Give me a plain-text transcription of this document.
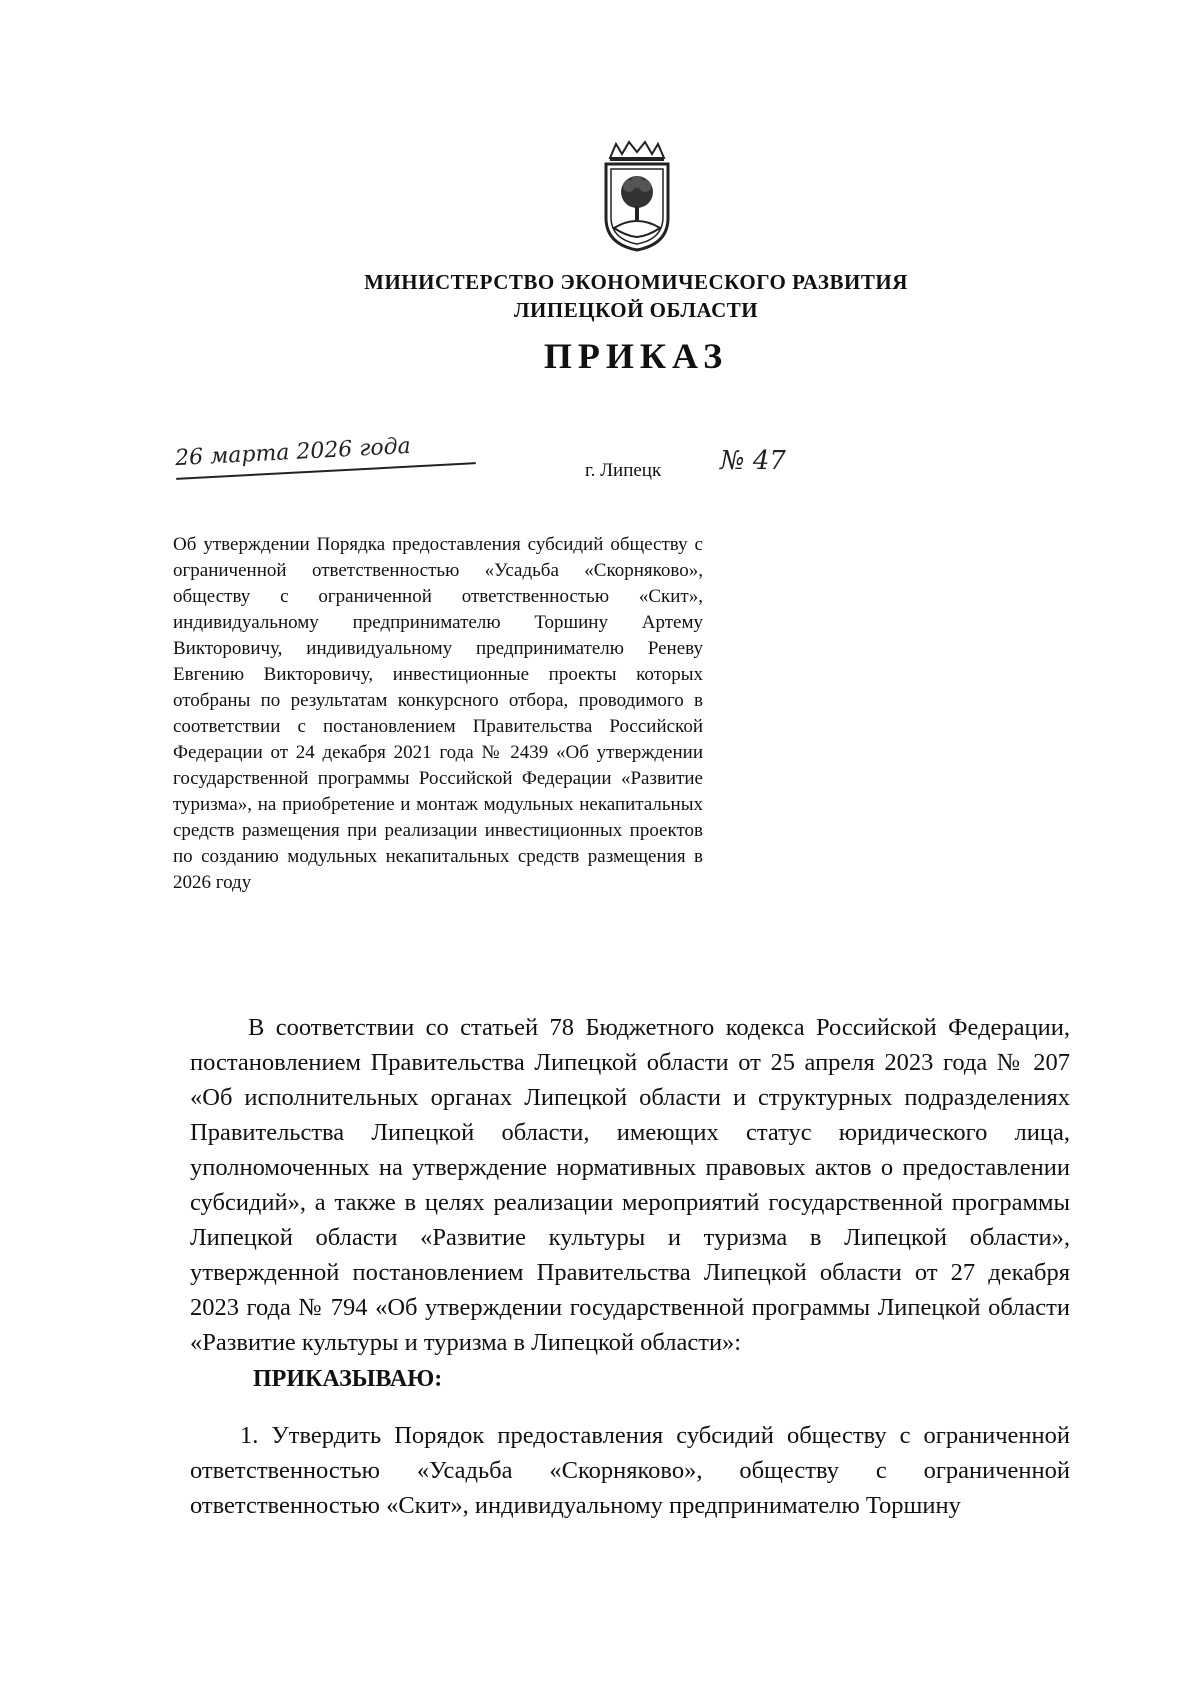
МИНИСТЕРСТВО ЭКОНОМИЧЕСКОГО РАЗВИТИЯ
ЛИПЕЦКОЙ ОБЛАСТИ
ПРИКАЗ
26 марта 2026 года	г. Липецк № 47
Об утверждении Порядка предоставления субсидий обществу с ограниченной ответственностью «Усадьба «Скорняково», обществу с ограниченной ответственностью «Скит», индивидуальному предпринимателю Торшину Артему Викторовичу, индивидуальному предпринимателю Реневу Евгению Викторовичу, инвестиционные проекты которых отобраны по результатам конкурсного отбора, проводимого в соответствии с постановлением Правительства Российской Федерации от 24 декабря 2021 года № 2439 «Об утверждении государственной программы Российской Федерации «Развитие туризма», на приобретение и монтаж модульных некапитальных средств размещения при реализации инвестиционных проектов по созданию модульных некапитальных средств размещения в 2026 году
В соответствии со статьей 78 Бюджетного кодекса Российской Федерации, постановлением Правительства Липецкой области от 25 апреля 2023 года № 207 «Об исполнительных органах Липецкой области и структурных подразделениях Правительства Липецкой области, имеющих статус юридического лица, уполномоченных на утверждение нормативных правовых актов о предоставлении субсидий», а также в целях реализации мероприятий государственной программы Липецкой области «Развитие культуры и туризма в Липецкой области», утвержденной постановлением Правительства Липецкой области от 27 декабря 2023 года № 794 «Об утверждении государственной программы Липецкой области «Развитие культуры и туризма в Липецкой области»:
ПРИКАЗЫВАЮ:
1. Утвердить Порядок предоставления субсидий обществу с ограниченной ответственностью «Усадьба «Скорняково», обществу с ограниченной ответственностью «Скит», индивидуальному предпринимателю Торшину
